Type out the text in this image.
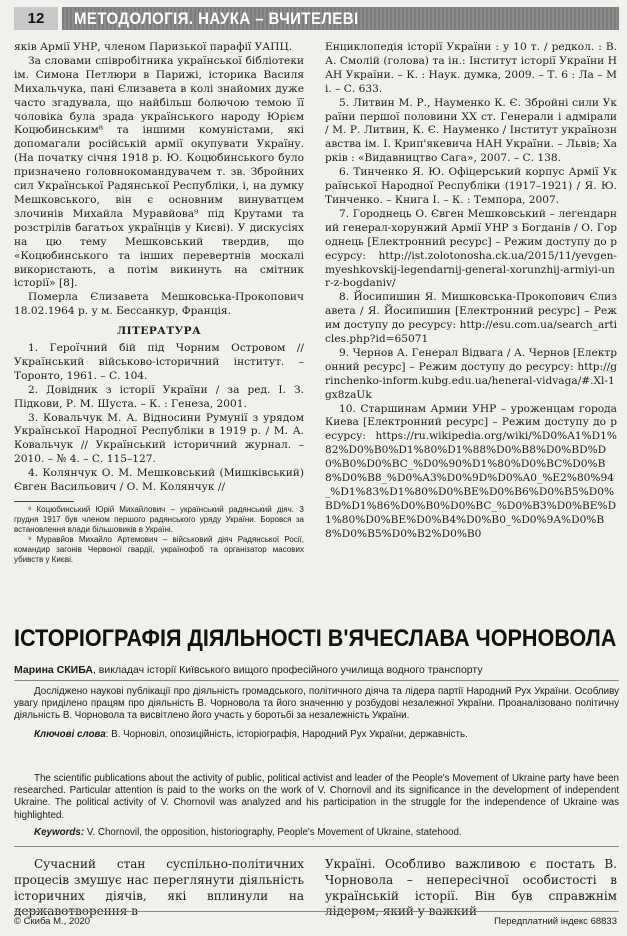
12	МЕТОДОЛОГІЯ. НАУКА – ВЧИТЕЛЕВІ

яків Армії УНР, членом Паризької парафії УАПЦ.

За словами співробітника української бібліотеки ім. Симона Петлюри в Парижі, історика Василя Михальчука, пані Єлизавета в колі знайомих дуже часто згадувала, що найбільш болючою темою її чоловіка була зрада українського народу Юрієм Коцюбинським⁸ та іншими комуністами, які допомагали російській армії окупувати Україну. (На початку січня 1918 р. Ю. Коцюбинського було призначено головнокомандувачем т. зв. Збройних сил Української Радянської Республіки, і, на думку Мешковського, він є основним винуватцем злочинів Михайла Муравйова⁹ під Крутами та розстрілів багатьох українців у Києві). У дискусіях на цю тему Мешковський твердив, що «Коцюбинського та інших перевертнів москалі використають, а потім викинуть на смітник історії» [8].

Померла Єлизавета Мешковська-Прокопович 18.02.1964 р. у м. Бессанкур, Франція.

ЛІТЕРАТУРА

1. Героїчний бій під Чорним Островом // Український військово-історичний інститут. – Торонто, 1961. – С. 104.

2. Довідник з історії України / за ред. І. З. Підкови, Р. М. Шуста. – К. : Генеза, 2001.

3. Ковальчук М. А. Відносини Румунії з урядом Української Народної Республіки в 1919 р. / М. А. Ковальчук // Український історичний журнал. – 2010. – № 4. – С. 115–127.

4. Колянчук О. М. Мешковський (Мишківський) Євген Васильович / О. М. Колянчук //

⁸ Коцюбинський Юрій Михайлович – український радянський діяч. З грудня 1917 був членом першого радянського уряду України. Боровся за встановлення влади більшовиків в Україні.

⁹ Муравйов Михайло Артемович – військовий діяч Радянської Росії, командир загонів Червоної гвардії, українофоб та організатор масових убивств у Києві.

Енциклопедія історії України : у 10 т. / редкол. : В. А. Смолій (голова) та ін.: Інститут історії України НАН України. – К. : Наук. думка, 2009. – Т. 6 : Ла – Мі. – С. 633.

5. Литвин М. Р., Науменко К. Є. Збройні сили України першої половини ХХ ст. Генерали і адмірали / М. Р. Литвин, К. Є. Науменко / Інститут українознавства ім. І. Крип'якевича НАН України. – Львів; Харків : «Видавництво Сага», 2007. – С. 138.

6. Тинченко Я. Ю. Офіцерський корпус Армії Української Народної Республіки (1917–1921) / Я. Ю. Тинченко. – Книга І. – К. : Темпора, 2007.

7. Городнець О. Євген Мешковський – легендарний генерал-хорунжий Армії УНР з Богданів / О. Городнець [Електронний ресурс] – Режим доступу до ресурсу: http://ist.zolotonosha.ck.ua/2015/11/yevgen-myeshkovskij-legendarnij-general-xorunzhij-armiyi-unr-z-bogdaniv/

8. Йосипишин Я. Мишковська-Прокопович Єлизавета / Я. Йосипишин [Електронний ресурс] – Режим доступу до ресурсу: http://esu.com.ua/search_articles.php?id=65071

9. Чернов А. Генерал Відвага / А. Чернов [Електронний ресурс] – Режим доступу до ресурсу: http://grinchenko-inform.kubg.edu.ua/heneral-vidvaga/#.Xl-1gx8zaUk

10. Старшинам Армии УНР – уроженцам города Киева [Електронний ресурс] – Режим доступу до ресурсу: https://ru.wikipedia.org/wiki/%D0%A1%D1%82%D0%B0%D1%80%D1%88%D0%B8%D0%BD%D0%B0%D0%BC_%D0%90%D1%80%D0%BC%D0%B8%D0%B8_%D0%A3%D0%9D%D0%A0_%E2%80%94_%D1%83%D1%80%D0%BE%D0%B6%D0%B5%D0%BD%D1%86%D0%B0%D0%BC_%D0%B3%D0%BE%D1%80%D0%BE%D0%B4%D0%B0_%D0%9A%D0%B8%D0%B5%D0%B2%D0%B0

ІСТОРІОГРАФІЯ ДІЯЛЬНОСТІ В'ЯЧЕСЛАВА ЧОРНОВОЛА
Марина СКИБА, викладач історії Київського вищого професійного училища водного транспорту

Досліджено наукові публікації про діяльність громадського, політичного діяча та лідера партії Народний Рух України. Особливу увагу приділено працям про діяльність В. Чорновола та його значенню у розбудові незалежної України. Проаналізовано політичну діяльність В. Чорновола та висвітлено його участь у боротьбі за незалежність України.

Ключові слова: В. Чорновіл, опозиційність, історіографія, Народний Рух України, державність.

The scientific publications about the activity of public, political activist and leader of the People's Movement of Ukraine party have been researched. Particular attention is paid to the works on the work of V. Chornovil and its significance in the development of independent Ukraine. The political activity of V. Chornovil was analyzed and his participation in the struggle for the independence of Ukraine was highlighted.

Keywords: V. Chornovil, the opposition, historiography, People's Movement of Ukraine, statehood.

Сучасний стан суспільно-політичних процесів змушує нас переглянути діяльність історичних діячів, які вплинули на державотворення в

Україні. Особливо важливою є постать В. Чорновола – непересічної особистості в українській історії. Він був справжнім лідером, який у важкий

© Скиба М., 2020	Передплатний індекс 68833
